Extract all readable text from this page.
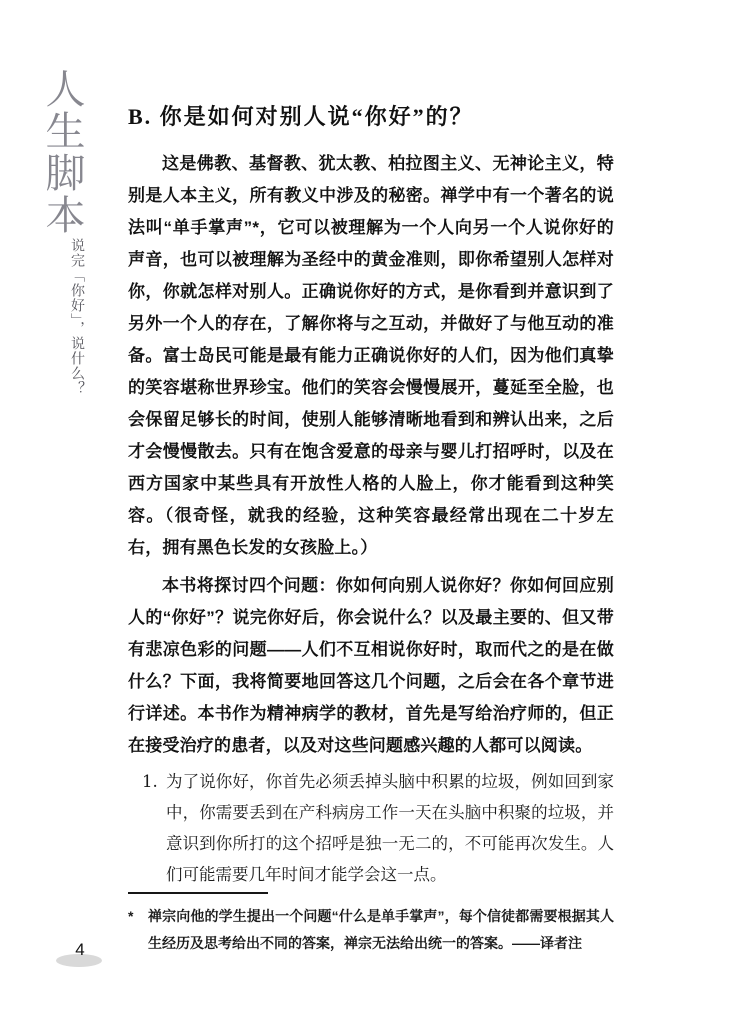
人生脚本
说完「你好」，说什么？
B. 你是如何对别人说“你好”的？

这是佛教、基督教、犹太教、柏拉图主义、无神论主义，特别是人本主义，所有教义中涉及的秘密。禅学中有一个著名的说法叫“单手掌声”*，它可以被理解为一个人向另一个人说你好的声音，也可以被理解为圣经中的黄金准则，即你希望别人怎样对你，你就怎样对别人。正确说你好的方式，是你看到并意识到了另外一个人的存在，了解你将与之互动，并做好了与他互动的准备。富士岛民可能是最有能力正确说你好的人们，因为他们真挚的笑容堪称世界珍宝。他们的笑容会慢慢展开，蔓延至全脸，也会保留足够长的时间，使别人能够清晰地看到和辨认出来，之后才会慢慢散去。只有在饱含爱意的母亲与婴儿打招呼时，以及在西方国家中某些具有开放性人格的人脸上，你才能看到这种笑容。（很奇怪，就我的经验，这种笑容最经常出现在二十岁左右，拥有黑色长发的女孩脸上。）

本书将探讨四个问题：你如何向别人说你好？你如何回应别人的“你好”？说完你好后，你会说什么？以及最主要的、但又带有悲凉色彩的问题——人们不互相说你好时，取而代之的是在做什么？下面，我将简要地回答这几个问题，之后会在各个章节进行详述。本书作为精神病学的教材，首先是写给治疗师的，但正在接受治疗的患者，以及对这些问题感兴趣的人都可以阅读。

1. 为了说你好，你首先必须丢掉头脑中积累的垃圾，例如回到家中，你需要丢到在产科病房工作一天在头脑中积聚的垃圾，并意识到你所打的这个招呼是独一无二的，不可能再次发生。人们可能需要几年时间才能学会这一点。
*	禅宗向他的学生提出一个问题“什么是单手掌声”，每个信徒都需要根据其人生经历及思考给出不同的答案，禅宗无法给出统一的答案。——译者注
4
